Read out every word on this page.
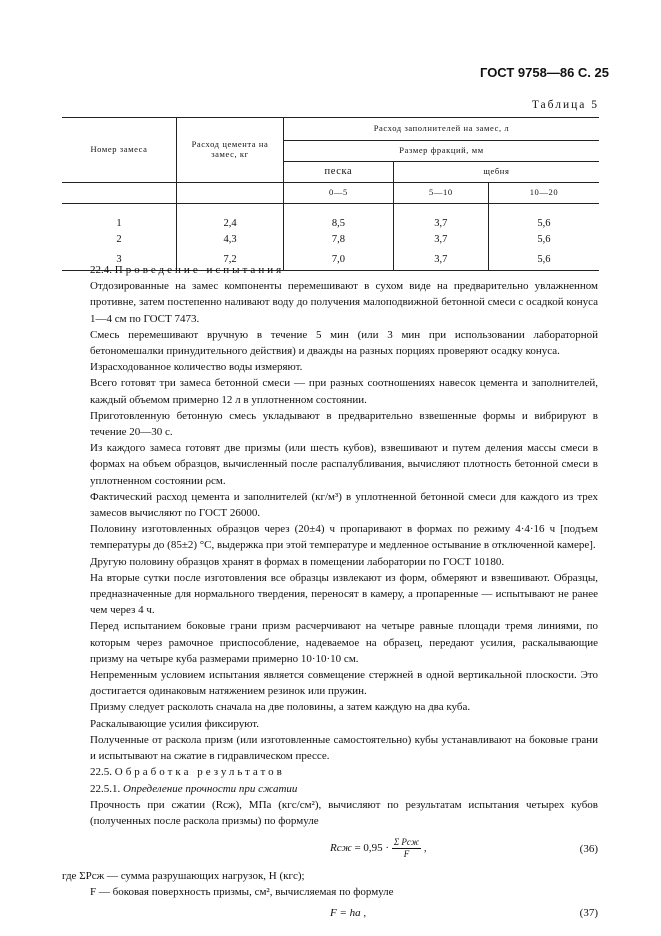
ГОСТ 9758—86 С. 25
Таблица 5
Номер замеса	Расход цемента на замес, кг	Расход заполнителей на замес, л		
		Размер фракций, мм		
		песка	щебня	
		0—5	5—10	10—20
1	2,4	8,5	3,7	5,6
2	4,3	7,8	3,7	5,6
3	7,2	7,0	3,7	5,6

22.4. Проведение испытания

Отдозированные на замес компоненты перемешивают в сухом виде на предварительно увлажненном противне, затем постепенно наливают воду до получения малоподвижной бетонной смеси с осадкой конуса 1—4 см по ГОСТ 7473.

Смесь перемешивают вручную в течение 5 мин (или 3 мин при использовании лабораторной бетономешалки принудительного действия) и дважды на разных порциях проверяют осадку конуса.

Израсходованное количество воды измеряют.

Всего готовят три замеса бетонной смеси — при разных соотношениях навесок цемента и заполнителей, каждый объемом примерно 12 л в уплотненном состоянии.

Приготовленную бетонную смесь укладывают в предварительно взвешенные формы и вибрируют в течение 20—30 с.

Из каждого замеса готовят две призмы (или шесть кубов), взвешивают и путем деления массы смеси в формах на объем образцов, вычисленный после распалубливания, вычисляют плотность бетонной смеси в уплотненном состоянии ρсм.

Фактический расход цемента и заполнителей (кг/м³) в уплотненной бетонной смеси для каждого из трех замесов вычисляют по ГОСТ 26000.

Половину изготовленных образцов через (20±4) ч пропаривают в формах по режиму 4·4·16 ч [подъем температуры до (85±2) °С, выдержка при этой температуре и медленное остывание в отключенной камере].

Другую половину образцов хранят в формах в помещении лаборатории по ГОСТ 10180.

На вторые сутки после изготовления все образцы извлекают из форм, обмеряют и взвешивают. Образцы, предназначенные для нормального твердения, переносят в камеру, а пропаренные — испытывают не ранее чем через 4 ч.

Перед испытанием боковые грани призм расчерчивают на четыре равные площади тремя линиями, по которым через рамочное приспособление, надеваемое на образец, передают усилия, раскалывающие призму на четыре куба размерами примерно 10·10·10 см.

Непременным условием испытания является совмещение стержней в одной вертикальной плоскости. Это достигается одинаковым натяжением резинок или пружин.

Призму следует расколоть сначала на две половины, а затем каждую на два куба.

Раскалывающие усилия фиксируют.

Полученные от раскола призм (или изготовленные самостоятельно) кубы устанавливают на боковые грани и испытывают на сжатие в гидравлическом прессе.

22.5. Обработка результатов

22.5.1. Определение прочности при сжатии

Прочность при сжатии (Rсж), МПа (кгс/см²), вычисляют по результатам испытания четырех кубов (полученных после раскола призмы) по формуле

Rсж = $0,95 \cdot \frac{\text{Σ Pсж}}{F}$ ,	(36)

где ΣPсж — сумма разрушающих нагрузок, Н (кгс);

F — боковая поверхность призмы, см², вычисляемая по формуле

F = ha ,	(37)
